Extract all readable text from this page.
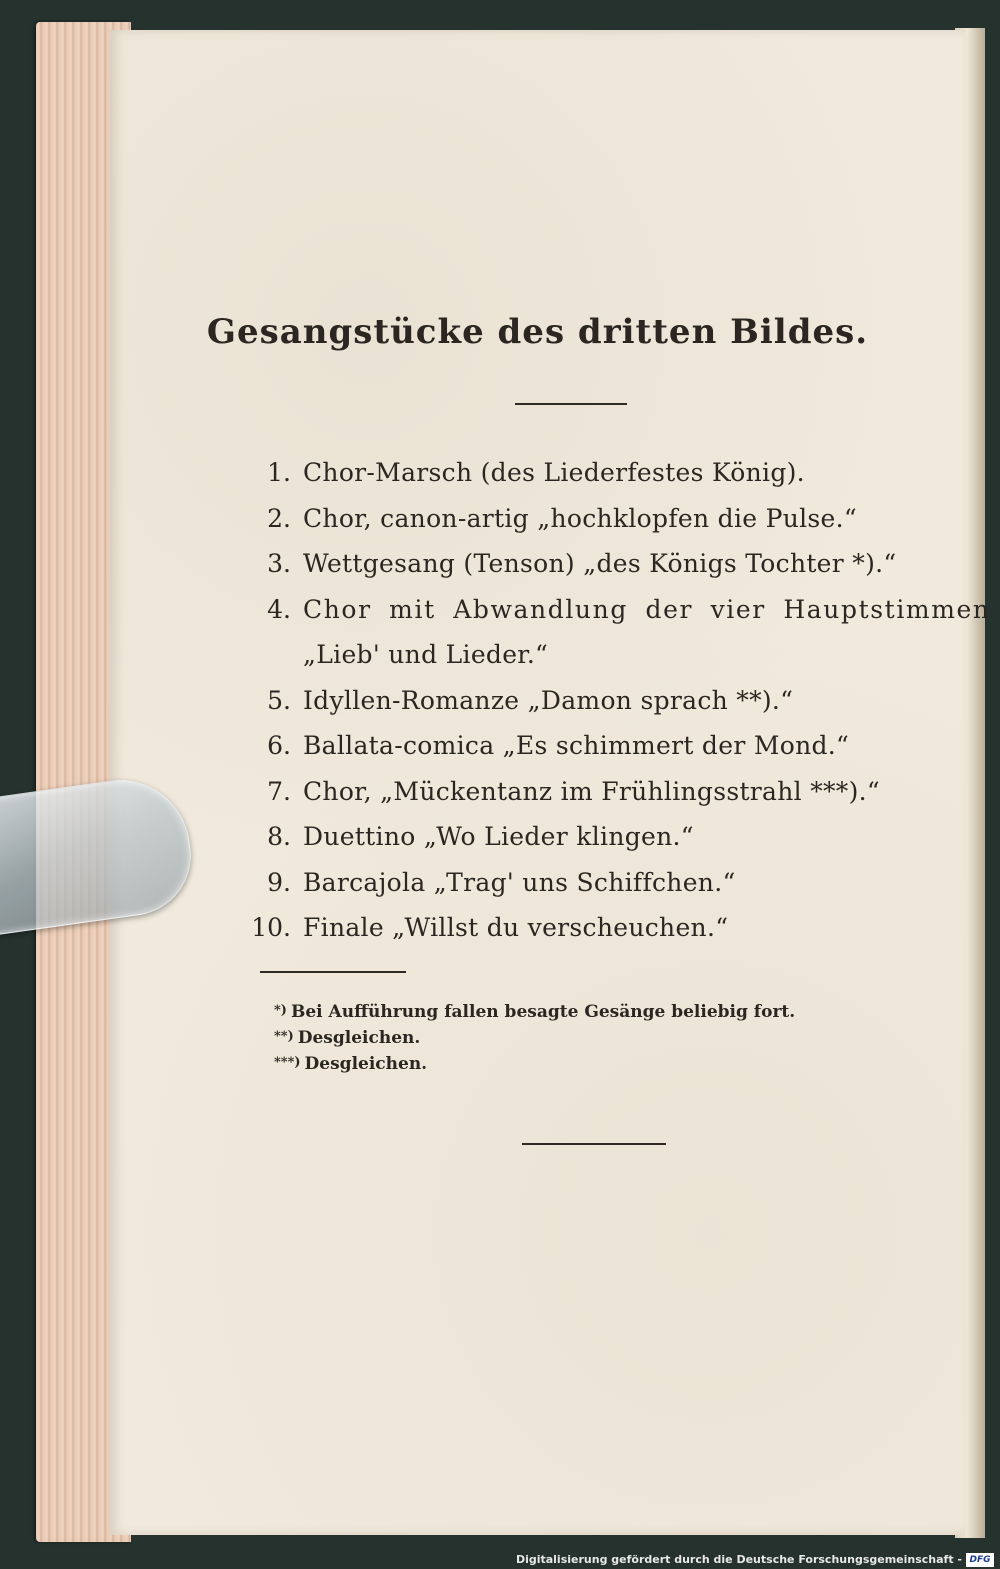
Gesangstücke des dritten Bildes.
1. Chor-Marsch (des Liederfestes König).
2. Chor, canon-artig „hochklopfen die Pulse.“
3. Wettgesang (Tenson) „des Königs Tochter *).“
4. Chor mit Abwandlung der vier Hauptstimmen
„Lieb' und Lieder.“
5. Idyllen-Romanze „Damon sprach **).“
6. Ballata-comica „Es schimmert der Mond.“
7. Chor, „Mückentanz im Frühlingsstrahl ***).“
8. Duettino „Wo Lieder klingen.“
9. Barcajola „Trag' uns Schiffchen.“
10. Finale „Willst du verscheuchen.“
*) Bei Aufführung fallen besagte Gesänge beliebig fort.
**) Desgleichen.
***) Desgleichen.
Digitalisierung gefördert durch die Deutsche Forschungsgemeinschaft - DFG
